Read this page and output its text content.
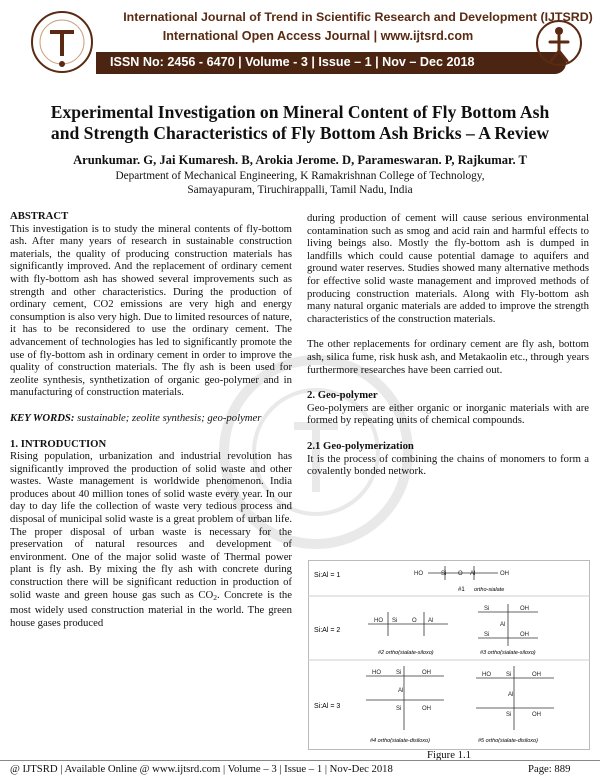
International Journal of Trend in Scientific Research and Development (IJTSRD)
International Open Access Journal | www.ijtsrd.com
ISSN No: 2456 - 6470 | Volume - 3 | Issue – 1 | Nov – Dec 2018
Experimental Investigation on Mineral Content of Fly Bottom Ash
and Strength Characteristics of Fly Bottom Ash Bricks – A Review
Arunkumar. G, Jai Kumaresh. B, Arokia Jerome. D, Parameswaran. P, Rajkumar. T
Department of Mechanical Engineering, K Ramakrishnan College of Technology,
Samayapuram, Tiruchirappalli, Tamil Nadu, India

ABSTRACT

This investigation is to study the mineral contents of fly-bottom ash. After many years of research in sustainable construction materials, the quality of producing construction materials has significantly improved. And the replacement of ordinary cement with fly-bottom ash has showed several improvements such as strength and other characteristics. During the production of ordinary cement, CO2 emissions are very high and energy consumption is also very high. Due to limited resources of nature, it has to be reconsidered to use the ordinary cement. The advancement of technologies has led to significantly promote the use of fly-bottom ash in ordinary cement in order to improve the quality of construction materials. The fly ash is been used for zeolite synthesis, synthetization of organic geo-polymer and in manufacturing of construction materials.

KEY WORDS: sustainable; zeolite synthesis; geo-polymer

1. INTRODUCTION

Rising population, urbanization and industrial revolution has significantly improved the production of solid waste and other wastes. Waste management is worldwide phenomenon. India produces about 40 million tones of solid waste every year. In our day to day life the collection of waste very tedious process and disposal of municipal solid waste is a great problem of urban life. The proper disposal of urban waste is necessary for the preservation of natural resources and development of environment. One of the major solid waste of Thermal power plant is fly ash. By mixing the fly ash with concrete during construction there will be significant reduction in production of solid waste and green house gas such as $CO_2$. Concrete is the most widely used construction material in the world. The green house gases produced

during production of cement will cause serious environmental contamination such as smog and acid rain and harmful effects to living beings also. Mostly the fly-bottom ash is dumped in landfills which could cause potential damage to aquifers and ground water reserves. Studies showed many alternative methods for effective solid waste management and improved methods of producing construction materials. Along with Fly-bottom ash many natural organic materials are added to improve the strength characteristics of the construction materials.

The other replacements for ordinary cement are fly ash, bottom ash, silica fume, risk husk ash, and Metakaolin etc., through years furthermore researches have been carried out.

2. Geo-polymer

Geo-polymers are either organic or inorganic materials with are formed by repeating units of chemical compounds.

2.1 Geo-polymerization

It is the process of combining the chains of monomers to form a covalently bonded network.

Si:Al = 1	HO	Si O Al	OH
#1 ortho-sialate
Si:Al = 2
HO Si O Al
Si	OH
Al
Si	OH
#2 ortho(sialate-siloxo)	#3 ortho(sialate-siloxo)
Si:Al = 3
HO	Si	OH
Al
Si	OH
HO	Si	OH
Al
Si	OH
#4 ortho(sialate-disiloxo)	#5 ortho(sialate-disiloxo)
Figure 1.1
@ IJTSRD | Available Online @ www.ijtsrd.com | Volume – 3 | Issue – 1 | Nov-Dec 2018	Page: 889
